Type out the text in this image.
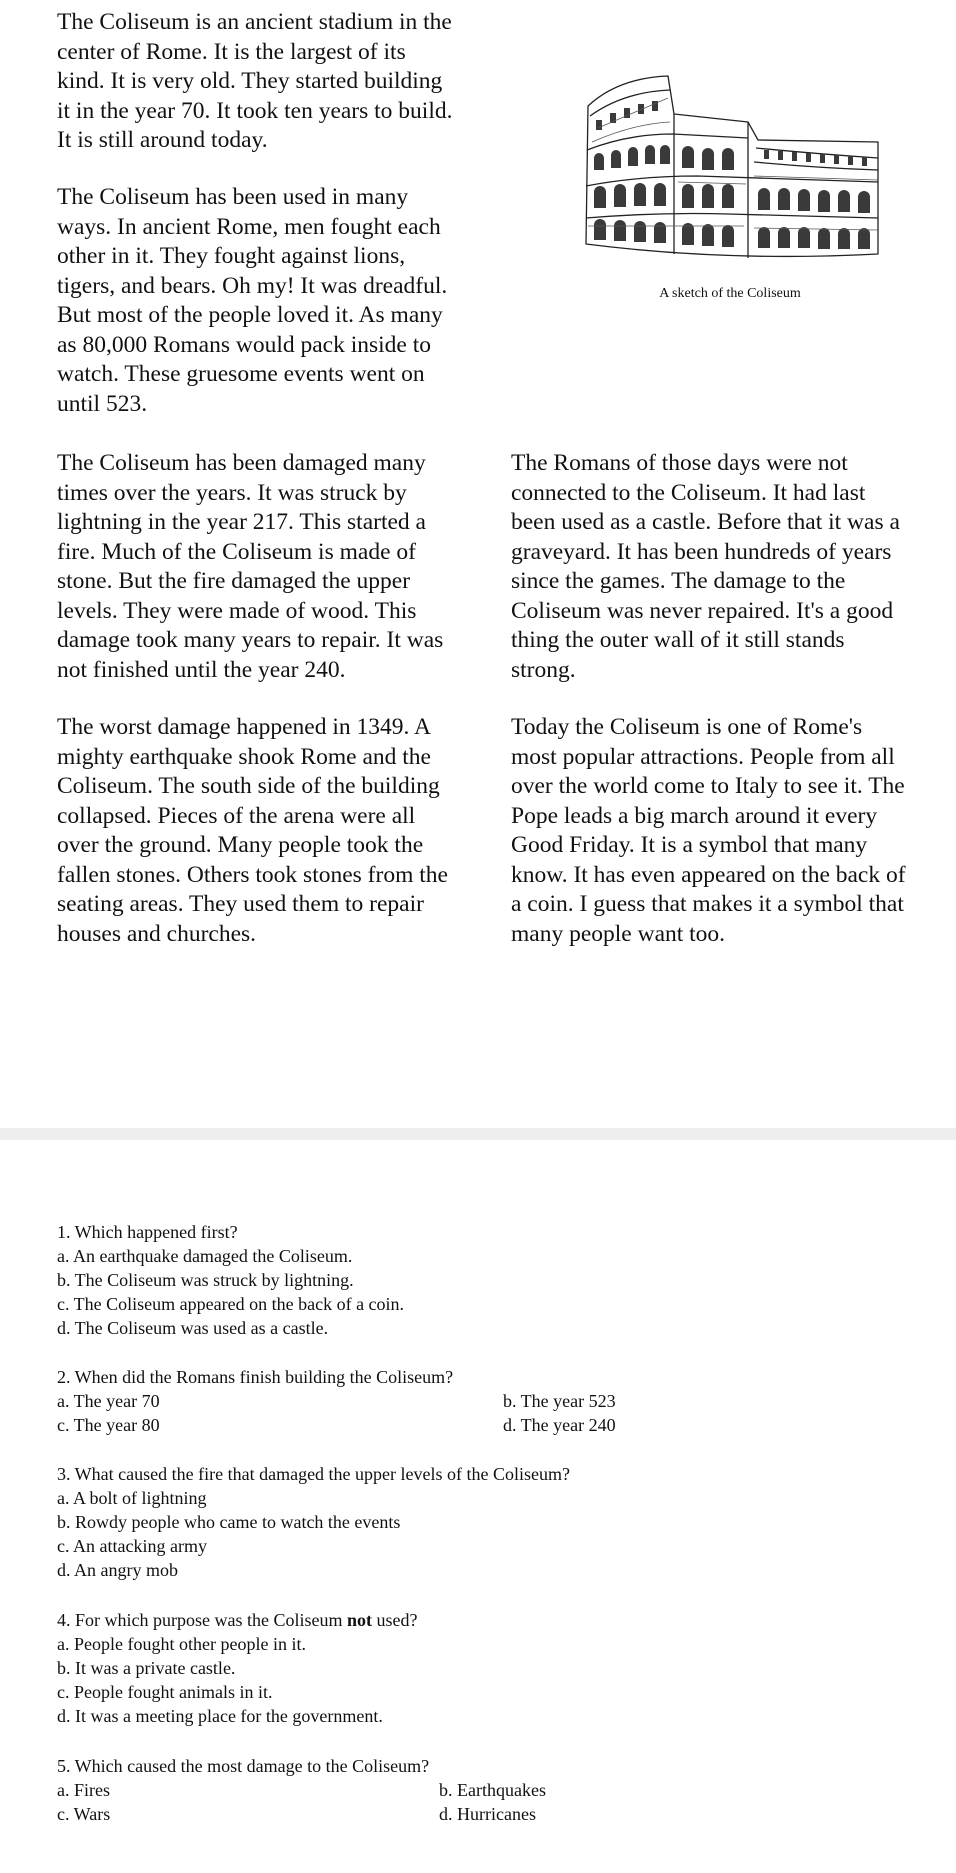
The Coliseum is an ancient stadium in the
center of Rome. It is the largest of its
kind. It is very old. They started building
it in the year 70. It took ten years to build.
It is still around today.

The Coliseum has been used in many
ways. In ancient Rome, men fought each
other in it. They fought against lions,
tigers, and bears. Oh my! It was dreadful.
But most of the people loved it. As many
as 80,000 Romans would pack inside to
watch. These gruesome events went on
until 523.

The Coliseum has been damaged many
times over the years. It was struck by
lightning in the year 217. This started a
fire. Much of the Coliseum is made of
stone. But the fire damaged the upper
levels. They were made of wood. This
damage took many years to repair. It was
not finished until the year 240.

The Romans of those days were not
connected to the Coliseum. It had last
been used as a castle. Before that it was a
graveyard. It has been hundreds of years
since the games. The damage to the
Coliseum was never repaired. It's a good
thing the outer wall of it still stands
strong.

The worst damage happened in 1349. A
mighty earthquake shook Rome and the
Coliseum. The south side of the building
collapsed. Pieces of the arena were all
over the ground. Many people took the
fallen stones. Others took stones from the
seating areas. They used them to repair
houses and churches.

Today the Coliseum is one of Rome's
most popular attractions. People from all
over the world come to Italy to see it. The
Pope leads a big march around it every
Good Friday. It is a symbol that many
know. It has even appeared on the back of
a coin. I guess that makes it a symbol that
many people want too.

A sketch of the Coliseum

1. Which happened first?

a. An earthquake damaged the Coliseum.

b. The Coliseum was struck by lightning.

c. The Coliseum appeared on the back of a coin.

d. The Coliseum was used as a castle.

2. When did the Romans finish building the Coliseum?

a. The year 70	b. The year 523

c. The year 80	d. The year 240

3. What caused the fire that damaged the upper levels of the Coliseum?

a. A bolt of lightning

b. Rowdy people who came to watch the events

c. An attacking army

d. An angry mob

4. For which purpose was the Coliseum not used?

a. People fought other people in it.

b. It was a private castle.

c. People fought animals in it.

d. It was a meeting place for the government.

5. Which caused the most damage to the Coliseum?

a. Fires	b. Earthquakes

c. Wars	d. Hurricanes
